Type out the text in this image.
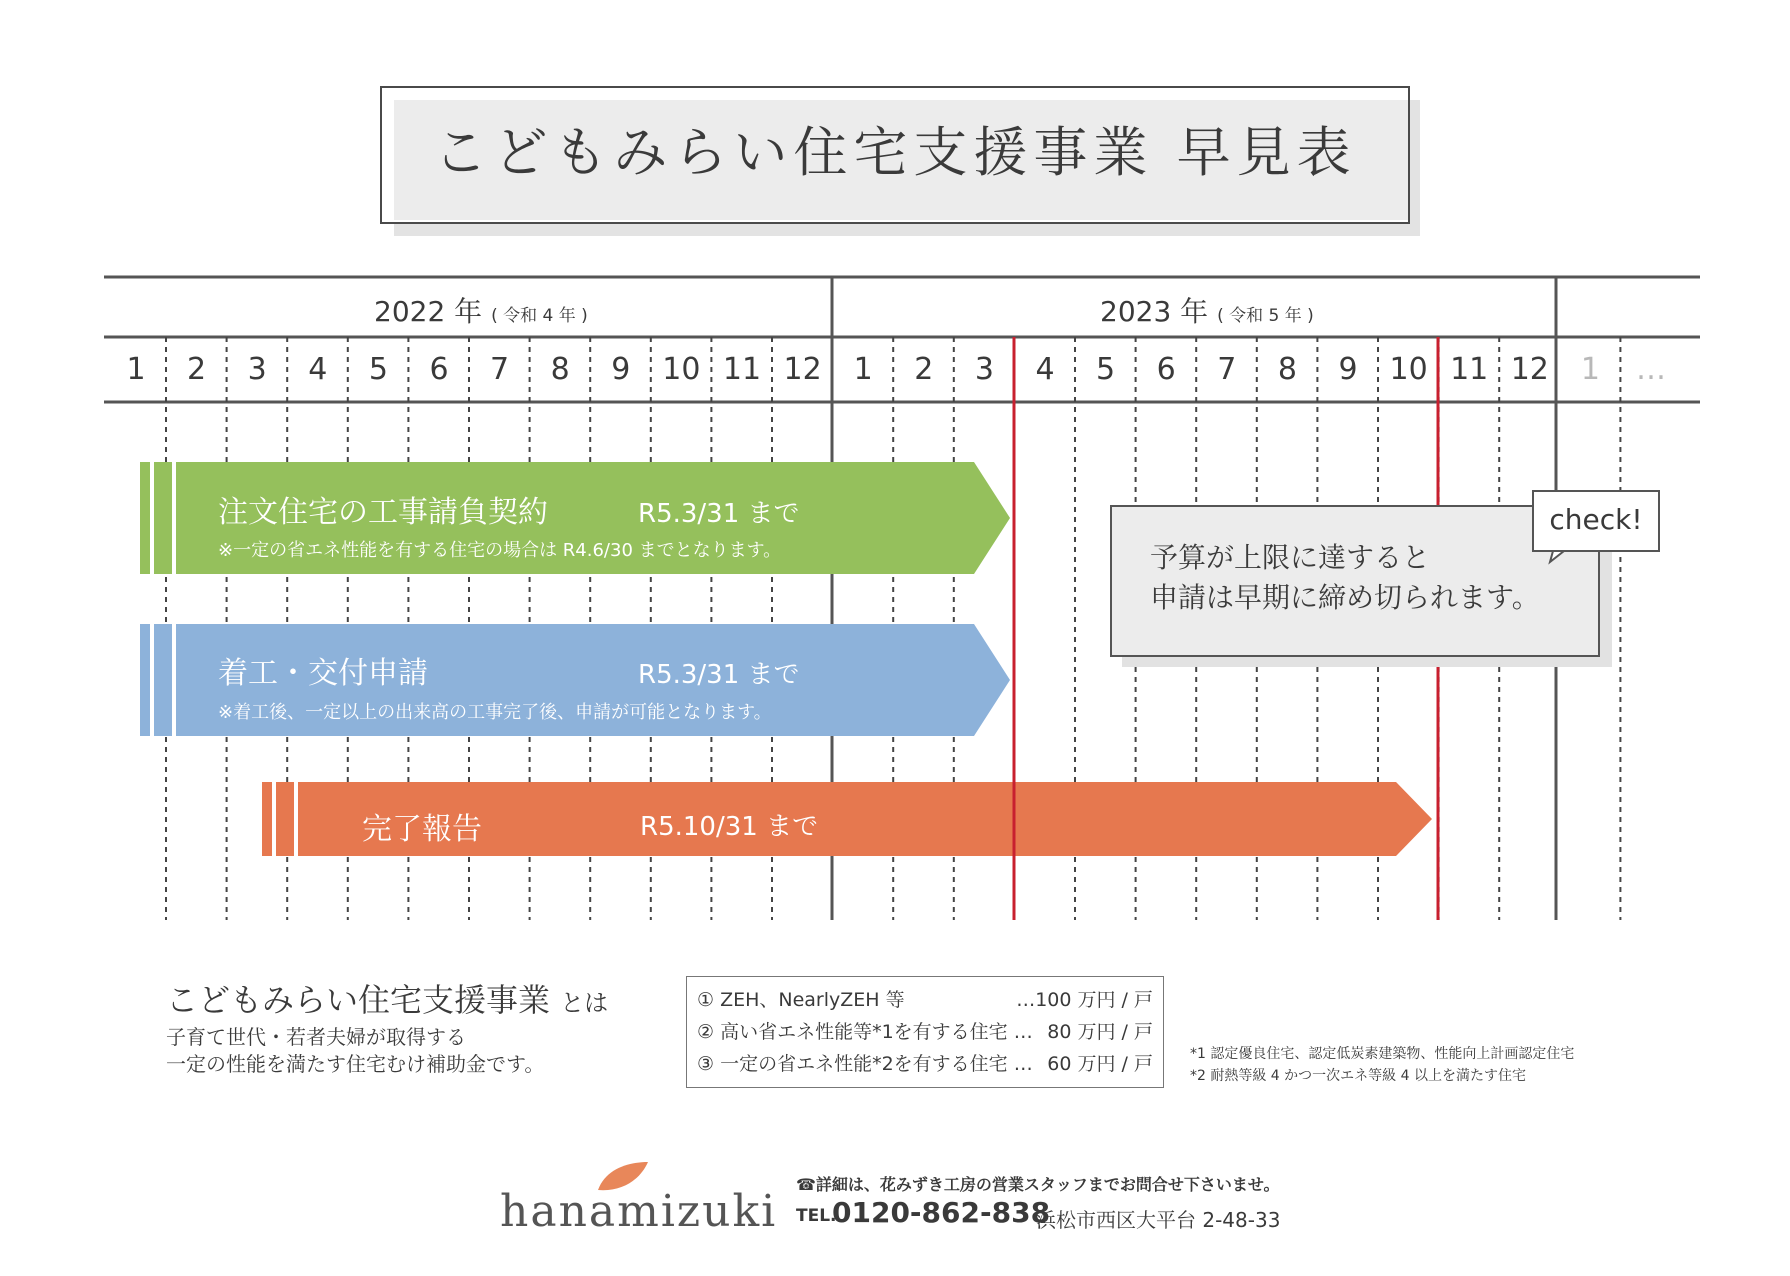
こどもみらい住宅支援事業 早見表
2022 年 ( 令和 4 年 )	2023 年 ( 令和 5 年 )
1	2	3	4	5	6	7	8	9	10 11 12	1	2	3	4	5	6	7	8	9	10 11 12	1	…
注文住宅の工事請負契約	R5.3/31 まで
※一定の省エネ性能を有する住宅の場合は R4.6/30 までとなります。
着工・交付申請	R5.3/31 まで
※着工後、一定以上の出来高の工事完了後、申請が可能となります。
完了報告	R5.10/31 まで
予算が上限に達すると
申請は早期に締め切られます。
check!
こどもみらい住宅支援事業 とは
子育て世代・若者夫婦が取得する
一定の性能を満たす住宅むけ補助金です。
① ZEH、NearlyZEH 等	…100 万円 / 戸
② 高い省エネ性能等*1を有する住宅 … 80 万円 / 戸
③ 一定の省エネ性能*2を有する住宅 … 60 万円 / 戸	*1 認定優良住宅、認定低炭素建築物、性能向上計画認定住宅
*2 耐熱等級 4 かつ一次エネ等級 4 以上を満たす住宅
hanamizuki
☎詳細は、花みずき工房の営業スタッフまでお問合せ下さいませ。
TEL.
0120-862-838
浜松市西区大平台 2-48-33
